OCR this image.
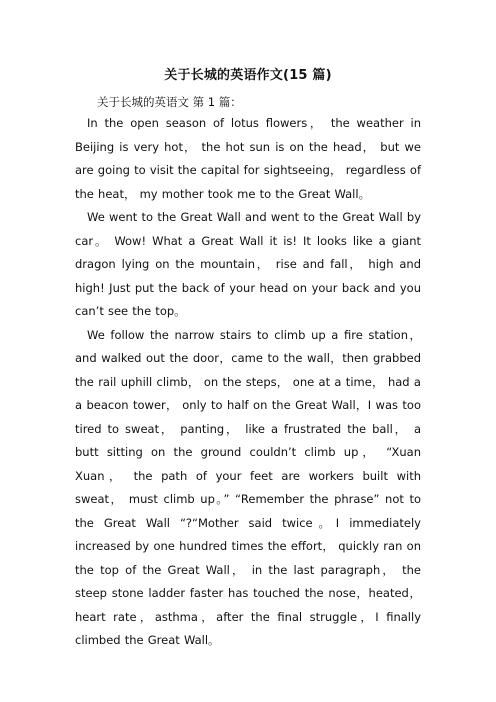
关于长城的英语作文(15 篇)
关于长城的英语文 第 1 篇：

In the open season of lotus flowers， the weather in Beijing is very hot， the hot sun is on the head， but we are going to visit the capital for sightseeing， regardless of the heat， my mother took me to the Great Wall。

We went to the Great Wall and went to the Great Wall by car。 Wow! What a Great Wall it is! It looks like a giant dragon lying on the mountain， rise and fall， high and high! Just put the back of your head on your back and you can’t see the top。

We follow the narrow stairs to climb up a fire station， and walked out the door，came to the wall，then grabbed the rail uphill climb， on the steps， one at a time， had a a beacon tower， only to half on the Great Wall，I was too tired to sweat， panting， like a frustrated the ball， a butt sitting on the ground couldn’t climb up， “Xuan Xuan， the path of your feet are workers built with sweat， must climb up。” “Remember the phrase” not to the Great Wall “?“Mother said twice。I immediately increased by one hundred times the effort， quickly ran on the top of the Great Wall， in the last paragraph， the steep stone ladder faster has touched the nose，heated，heart rate，asthma，after the final struggle，I finally climbed the Great Wall。
